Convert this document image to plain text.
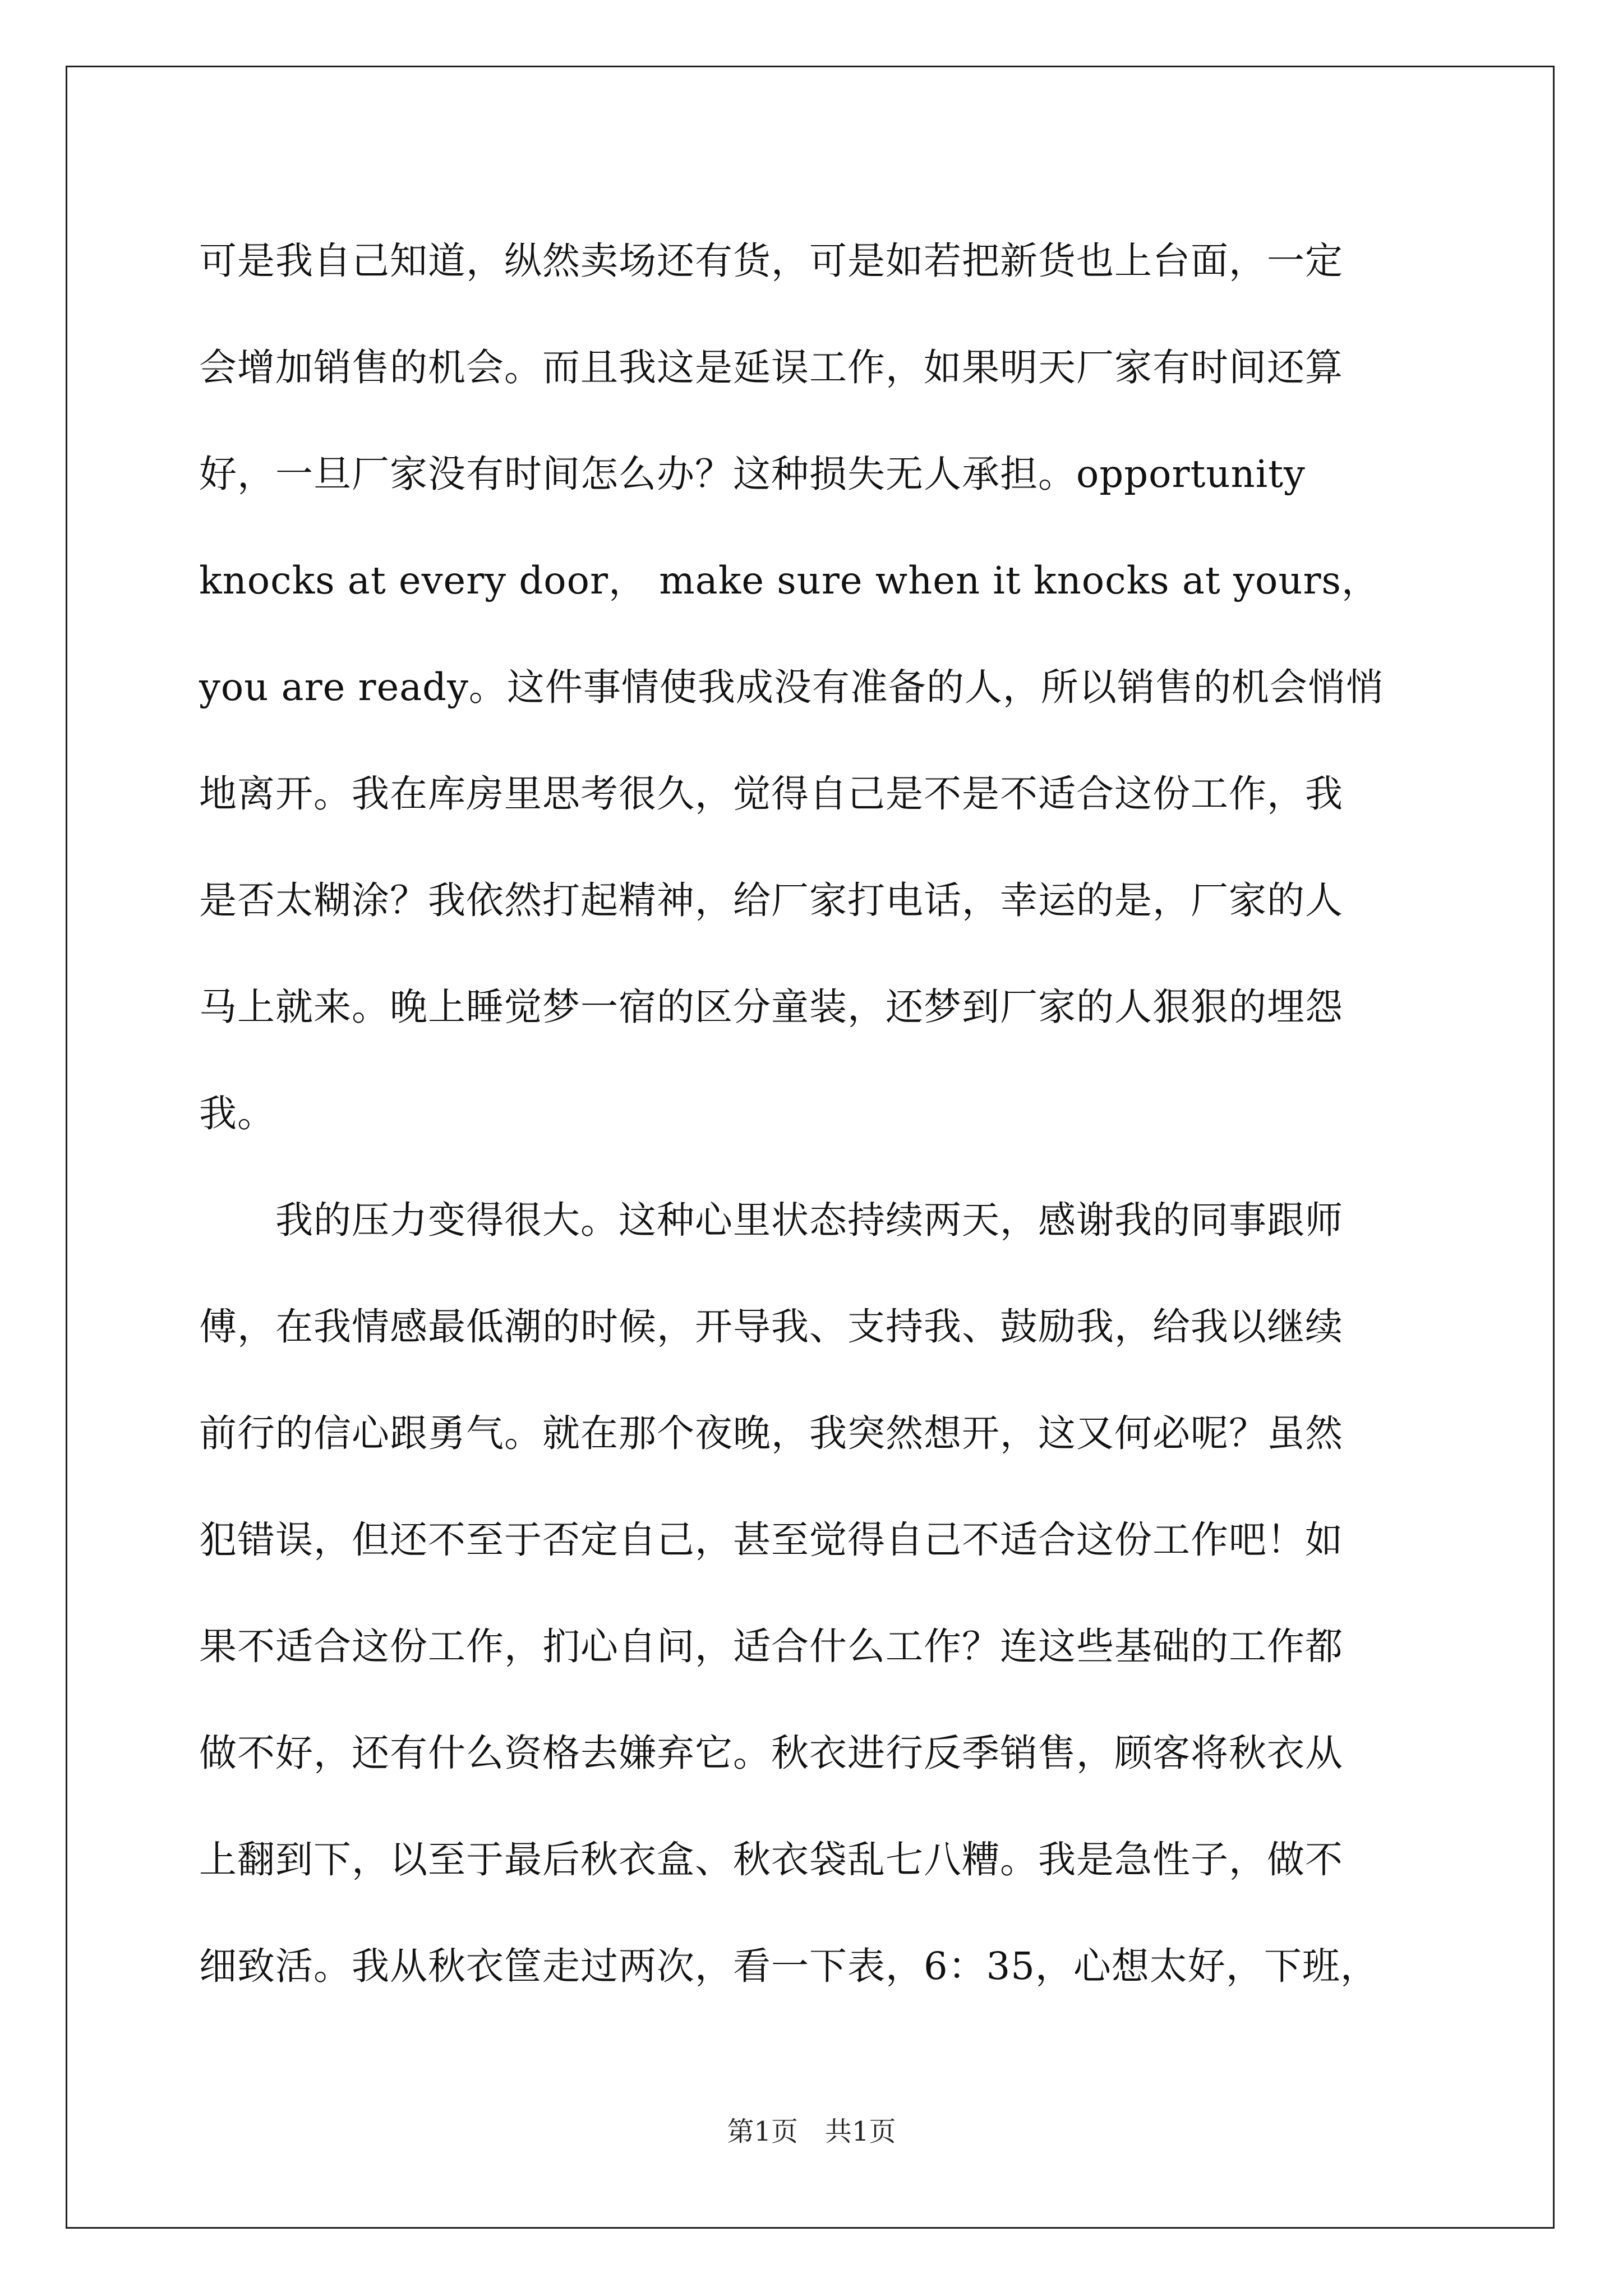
可是我自己知道，纵然卖场还有货，可是如若把新货也上台面，一定
会增加销售的机会。而且我这是延误工作，如果明天厂家有时间还算
好，一旦厂家没有时间怎么办？这种损失无人承担。opportunity
knocks at every door， make sure when it knocks at yours，
you are ready。这件事情使我成没有准备的人，所以销售的机会悄悄
地离开。我在库房里思考很久，觉得自己是不是不适合这份工作，我
是否太糊涂？我依然打起精神，给厂家打电话，幸运的是，厂家的人
马上就来。晚上睡觉梦一宿的区分童装，还梦到厂家的人狠狠的埋怨
我。
　　我的压力变得很大。这种心里状态持续两天，感谢我的同事跟师
傅，在我情感最低潮的时候，开导我、支持我、鼓励我，给我以继续
前行的信心跟勇气。就在那个夜晚，我突然想开，这又何必呢？虽然
犯错误，但还不至于否定自己，甚至觉得自己不适合这份工作吧！如
果不适合这份工作，扪心自问，适合什么工作？连这些基础的工作都
做不好，还有什么资格去嫌弃它。秋衣进行反季销售，顾客将秋衣从
上翻到下，以至于最后秋衣盒、秋衣袋乱七八糟。我是急性子，做不
细致活。我从秋衣筐走过两次，看一下表，6：35，心想太好，下班，
第1页　共1页
